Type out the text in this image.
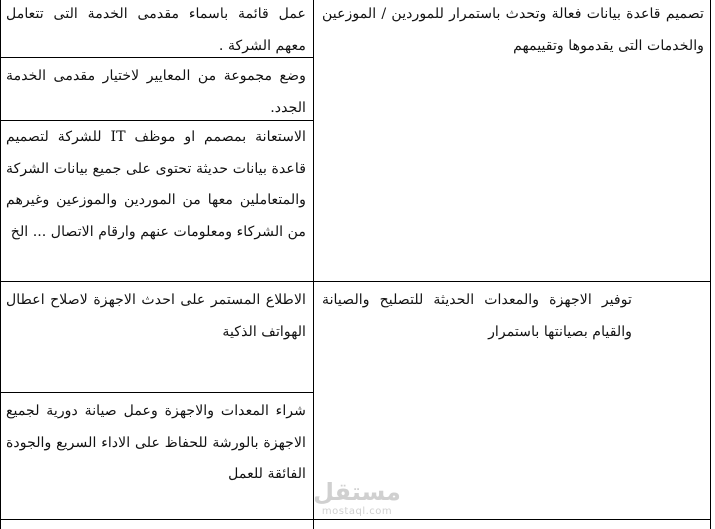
تصميم قاعدة بيانات فعالة وتحدث باستمرار للموردين / الموزعين والخدمات التى يقدموها وتقييمهم
عمل قائمة باسماء مقدمى الخدمة التى تتعامل معهم الشركة .
وضع مجموعة من المعايير لاختيار مقدمى الخدمة الجدد.
الاستعانة بمصمم او موظف IT للشركة لتصميم قاعدة بيانات حديثة تحتوى على جميع بيانات الشركة والمتعاملين معها من الموردين والموزعين وغيرهم من الشركاء ومعلومات عنهم وارقام الاتصال ... الخ
توفير الاجهزة والمعدات الحديثة للتصليح والصيانة والقيام بصيانتها باستمرار
الاطلاع المستمر على احدث الاجهزة لاصلاح اعطال الهواتف الذكية
شراء المعدات والاجهزة وعمل صيانة دورية لجميع الاجهزة بالورشة للحفاظ على الاداء السريع والجودة الفائقة للعمل
مستقل
mostaql.com
